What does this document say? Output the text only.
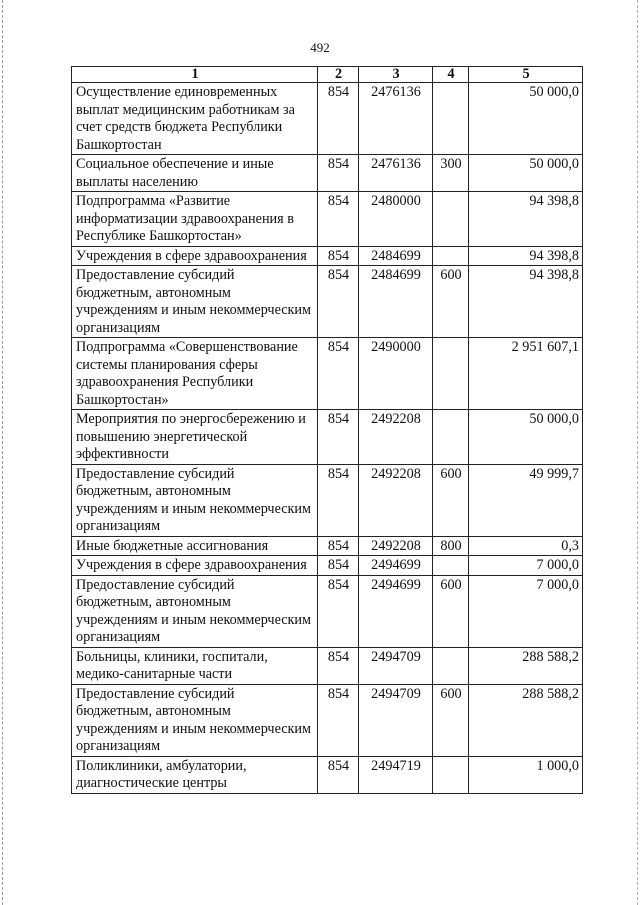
492
1	2	3	4	5
Осуществление единовременных выплат медицинским работникам за счет средств бюджета Республики Башкортостан	854	2476136		50 000,0
Социальное обеспечение и иные выплаты населению	854	2476136	300	50 000,0
Подпрограмма «Развитие информатизации здравоохранения в Республике Башкортостан»	854	2480000		94 398,8
Учреждения в сфере здравоохранения	854	2484699		94 398,8
Предоставление субсидий бюджетным, автономным учреждениям и иным некоммерческим организациям	854	2484699	600	94 398,8
Подпрограмма «Совершенствование системы планирования сферы здравоохранения Республики Башкортостан»	854	2490000		2 951 607,1
Мероприятия по энергосбережению и повышению энергетической эффективности	854	2492208		50 000,0
Предоставление субсидий бюджетным, автономным учреждениям и иным некоммерческим организациям	854	2492208	600	49 999,7
Иные бюджетные ассигнования	854	2492208	800	0,3
Учреждения в сфере здравоохранения	854	2494699		7 000,0
Предоставление субсидий бюджетным, автономным учреждениям и иным некоммерческим организациям	854	2494699	600	7 000,0
Больницы, клиники, госпитали, медико-санитарные части	854	2494709		288 588,2
Предоставление субсидий бюджетным, автономным учреждениям и иным некоммерческим организациям	854	2494709	600	288 588,2
Поликлиники, амбулатории, диагностические центры	854	2494719		1 000,0
